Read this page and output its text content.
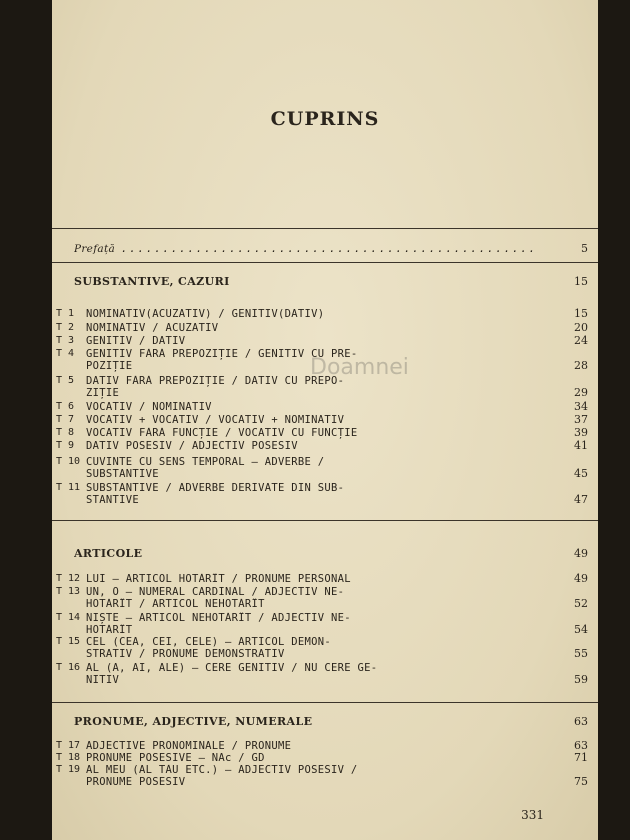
CUPRINS
Prefață ..................................................	5
SUBSTANTIVE, CAZURI	15
T 1	NOMINATIV(ACUZATIV) / GENITIV(DATIV)	15
T 2	NOMINATIV / ACUZATIV	20
T 3	GENITIV / DATIV	24
T 4	GENITIV FĂRĂ PREPOZIȚIE / GENITIV CU PRE-
POZIȚIE	28
T 5	DATIV FĂRĂ PREPOZIȚIE / DATIV CU PREPO-
ZIȚIE	29
T 6	VOCATIV / NOMINATIV	34
T 7	VOCATIV + VOCATIV / VOCATIV + NOMINATIV	37
T 8	VOCATIV FĂRĂ FUNCȚIE / VOCATIV CU FUNCȚIE	39
T 9	DATIV POSESIV / ADJECTIV POSESIV	41
T 10 CUVINTE CU SENS TEMPORAL — ADVERBE /
SUBSTANTIVE	45
T 11 SUBSTANTIVE / ADVERBE DERIVATE DIN SUB-
STANTIVE	47
ARTICOLE	49
T 12 LUI — ARTICOL HOTĂRÎT / PRONUME PERSONAL	49
T 13 UN, O — NUMERAL CARDINAL / ADJECTIV NE-
HOTĂRÎT / ARTICOL NEHOTĂRÎT	52
T 14 NIȘTE — ARTICOL NEHOTĂRÎT / ADJECTIV NE-
HOTĂRÎT	54
T 15 CEL (CEA, CEI, CELE) — ARTICOL DEMON-
STRATIV / PRONUME DEMONSTRATIV	55
T 16 AL (A, AI, ALE) — CERE GENITIV / NU CERE GE-
NITIV	59
PRONUME, ADJECTIVE, NUMERALE	63
T 17 ADJECTIVE PRONOMINALE / PRONUME	63
T 18 PRONUME POSESIVE — NAc / GD	71
T 19 AL MEU (AL TĂU ETC.) — ADJECTIV POSESIV /
PRONUME POSESIV	75
Doamnei
331
